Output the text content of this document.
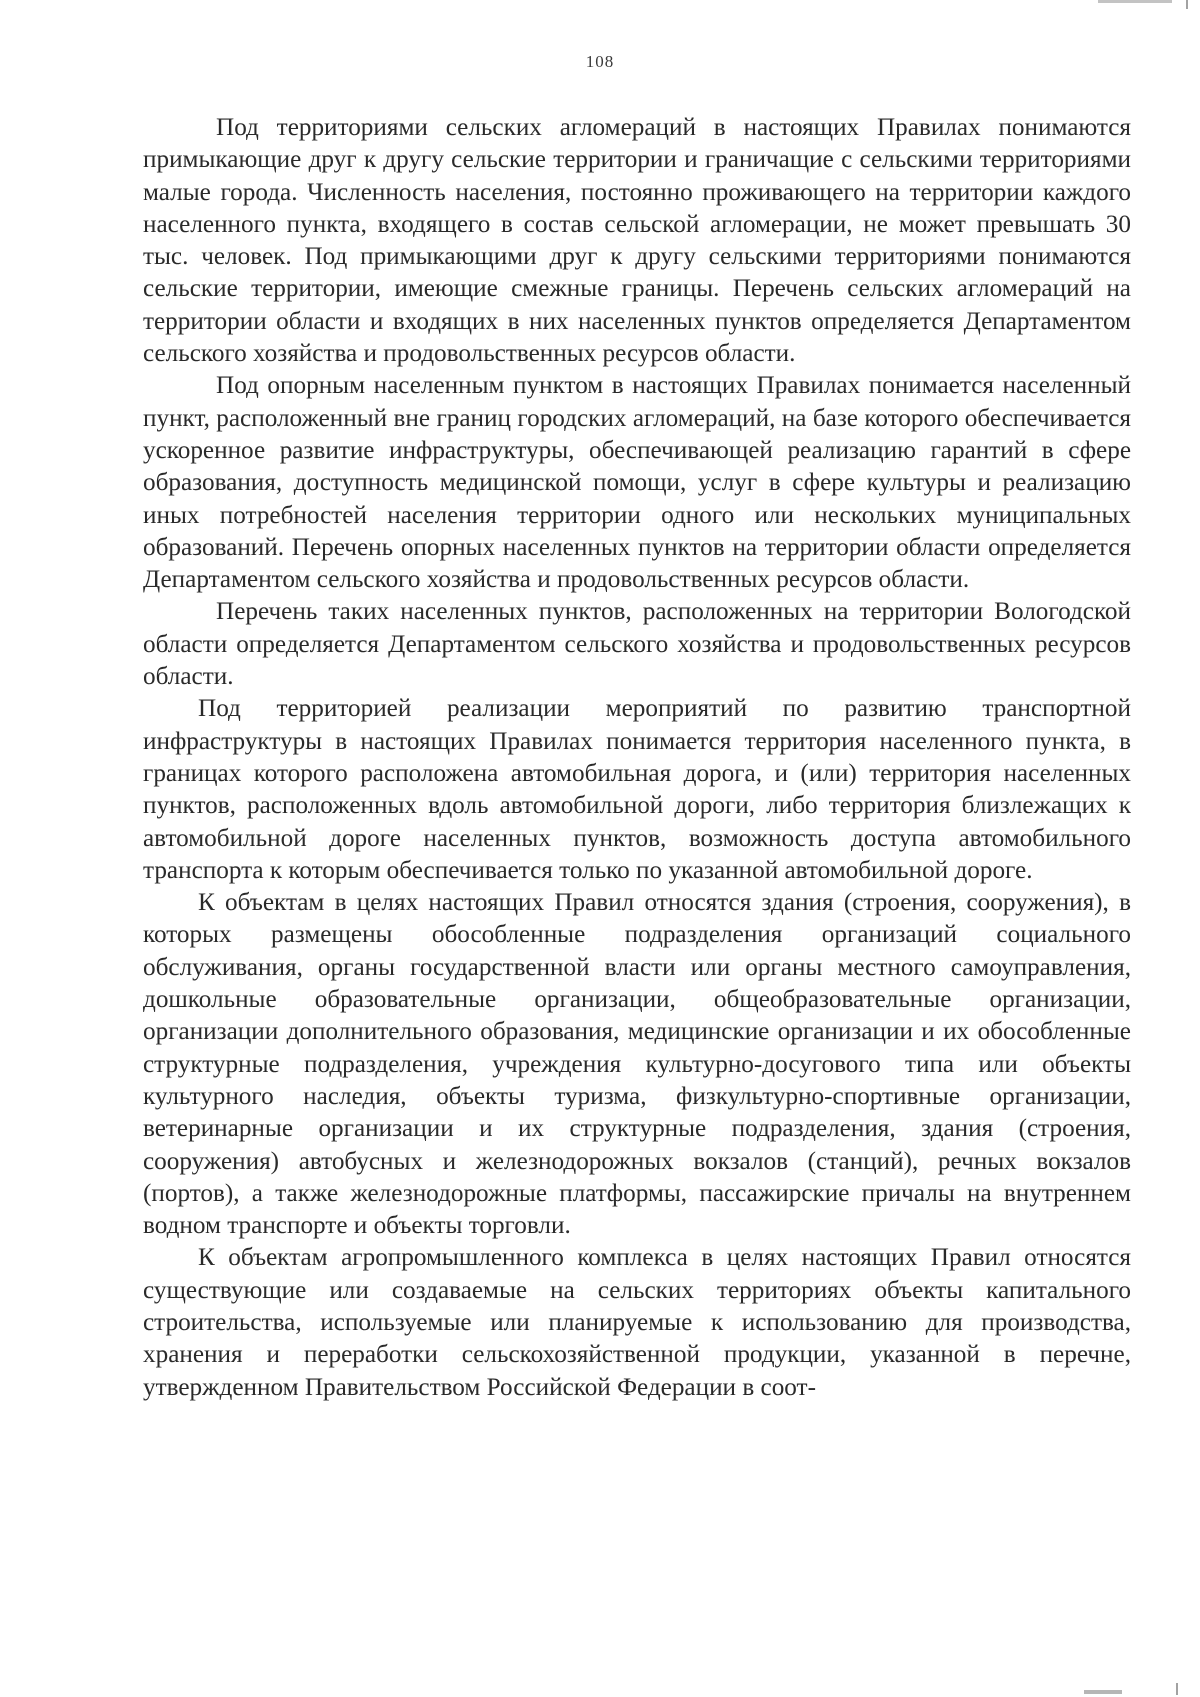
108

Под территориями сельских агломераций в настоящих Правилах понимаются примыкающие друг к другу сельские территории и граничащие с сельскими территориями малые города. Численность населения, постоянно проживающего на территории каждого населенного пункта, входящего в состав сельской агломерации, не может превышать 30 тыс. человек. Под примыкающими друг к другу сельскими территориями понимаются сельские территории, имеющие смежные границы. Перечень сельских агломераций на территории области и входящих в них населенных пунктов определяется Департаментом сельского хозяйства и продовольственных ресурсов области.

Под опорным населенным пунктом в настоящих Правилах понимается населенный пункт, расположенный вне границ городских агломераций, на базе которого обеспечивается ускоренное развитие инфраструктуры, обеспечивающей реализацию гарантий в сфере образования, доступность медицинской помощи, услуг в сфере культуры и реализацию иных потребностей населения территории одного или нескольких муниципальных образований. Перечень опорных населенных пунктов на территории области определяется Департаментом сельского хозяйства и продовольственных ресурсов области.

Перечень таких населенных пунктов, расположенных на территории Вологодской области определяется Департаментом сельского хозяйства и продовольственных ресурсов области.

Под территорией реализации мероприятий по развитию транспортной инфраструктуры в настоящих Правилах понимается территория населенного пункта, в границах которого расположена автомобильная дорога, и (или) территория населенных пунктов, расположенных вдоль автомобильной дороги, либо территория близлежащих к автомобильной дороге населенных пунктов, возможность доступа автомобильного транспорта к которым обеспечивается только по указанной автомобильной дороге.

К объектам в целях настоящих Правил относятся здания (строения, сооружения), в которых размещены обособленные подразделения организаций социального обслуживания, органы государственной власти или органы местного самоуправления, дошкольные образовательные организации, общеобразовательные организации, организации дополнительного образования, медицинские организации и их обособленные структурные подразделения, учреждения культурно-досугового типа или объекты культурного наследия, объекты туризма, физкультурно-спортивные организации, ветеринарные организации и их структурные подразделения, здания (строения, сооружения) автобусных и железнодорожных вокзалов (станций), речных вокзалов (портов), а также железнодорожные платформы, пассажирские причалы на внутреннем водном транспорте и объекты торговли.

К объектам агропромышленного комплекса в целях настоящих Правил относятся существующие или создаваемые на сельских территориях объекты капитального строительства, используемые или планируемые к использованию для производства, хранения и переработки сельскохозяйственной продукции, указанной в перечне, утвержденном Правительством Российской Федерации в соот-
